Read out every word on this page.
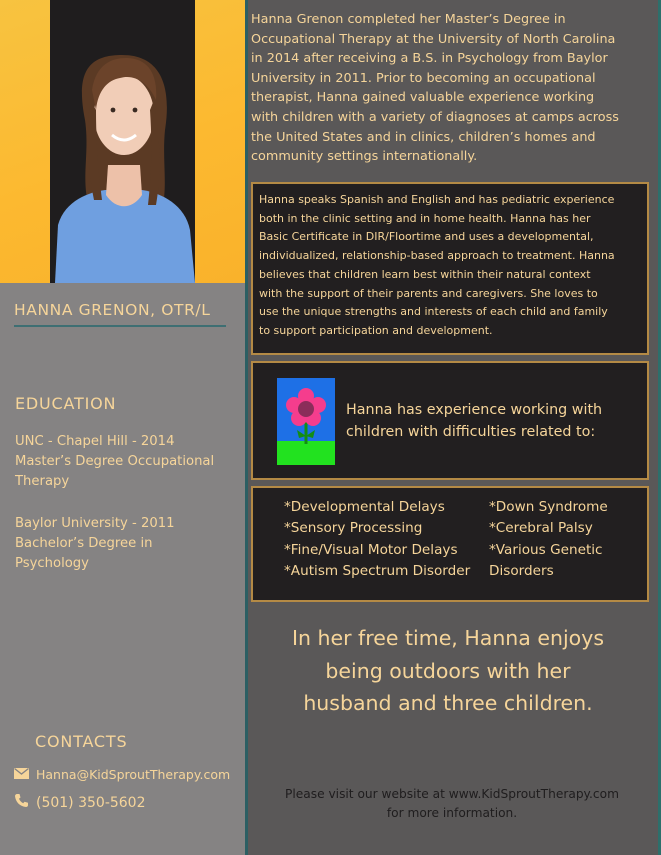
HANNA GRENON, OTR/L
EDUCATION
UNC - Chapel Hill - 2014
Master’s Degree Occupational
Therapy
Baylor University - 2011
Bachelor’s Degree in
Psychology
CONTACTS
Hanna@KidSproutTherapy.com
(501) 350-5602
Hanna Grenon completed her Master’s Degree in
Occupational Therapy at the University of North Carolina
in 2014 after receiving a B.S. in Psychology from Baylor
University in 2011. Prior to becoming an occupational
therapist, Hanna gained valuable experience working
with children with a variety of diagnoses at camps across
the United States and in clinics, children’s homes and
community settings internationally.

Hanna speaks Spanish and English and has pediatric experience
both in the clinic setting and in home health. Hanna has her
Basic Certificate in DIR/Floortime and uses a developmental,
individualized, relationship-based approach to treatment. Hanna
believes that children learn best within their natural context
with the support of their parents and caregivers. She loves to
use the unique strengths and interests of each child and family
to support participation and development.

Hanna has experience working with
children with difficulties related to:
*Developmental Delays
*Sensory Processing
*Fine/Visual Motor Delays
*Autism Spectrum Disorder
*Down Syndrome
*Cerebral Palsy
*Various Genetic
Disorders
In her free time, Hanna enjoys
being outdoors with her
husband and three children.
Please visit our website at www.KidSproutTherapy.com
for more information.
